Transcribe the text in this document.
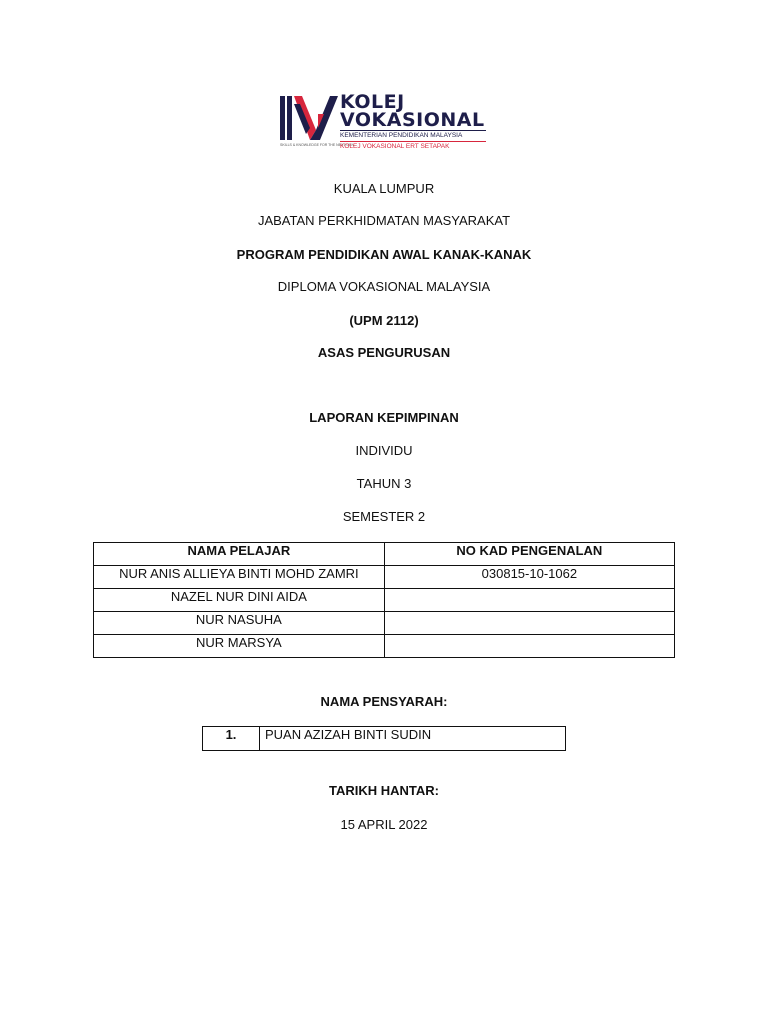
SKILLS & KNOWLEDGE FOR THE NEXT GEN
KOLEJ
VOKASIONAL
KEMENTERIAN PENDIDIKAN MALAYSIA
KOLEJ VOKASIONAL ERT SETAPAK
KUALA LUMPUR
JABATAN PERKHIDMATAN MASYARAKAT
PROGRAM PENDIDIKAN AWAL KANAK-KANAK
DIPLOMA VOKASIONAL MALAYSIA
(UPM 2112)
ASAS PENGURUSAN
LAPORAN KEPIMPINAN
INDIVIDU
TAHUN 3
SEMESTER 2
NAMA PELAJAR	NO KAD PENGENALAN
NUR ANIS ALLIEYA BINTI MOHD ZAMRI	030815-10-1062
NAZEL NUR DINI AIDA	
NUR NASUHA	
NUR MARSYA	
NAMA PENSYARAH:
1.	PUAN AZIZAH BINTI SUDIN
TARIKH HANTAR:
15 APRIL 2022
